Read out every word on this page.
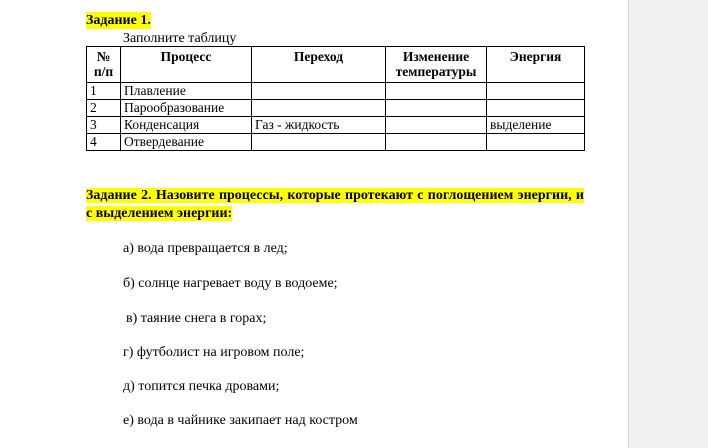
Задание 1.
Заполните таблицу
№ п/п	Процесс	Переход	Изменение температуры	Энергия
1	Плавление			
2	Парообразование			
3	Конденсация	Газ - жидкость		выделение
4	Отвердевание			
Задание 2. Назовите процессы, которые протекают с поглощением энергии, и с выделением энергии:
а) вода превращается в лед;
б) солнце нагревает воду в водоеме;
в) таяние снега в горах;
г) футболист на игровом поле;
д) топится печка дровами;
е) вода в чайнике закипает над костром
